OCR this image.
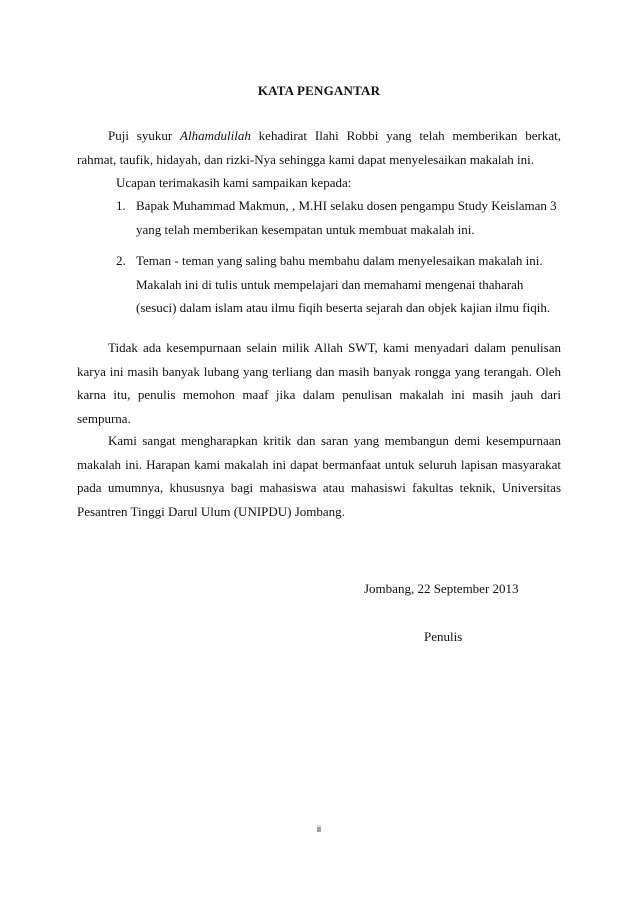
KATA PENGANTAR

Puji syukur Alhamdulilah kehadirat Ilahi Robbi yang telah memberikan berkat, rahmat, taufik, hidayah, dan rizki-Nya sehingga kami dapat menyelesaikan makalah ini.

Ucapan terimakasih kami sampaikan kepada:

1. Bapak Muhammad Makmun, , M.HI selaku dosen pengampu Study Keislaman 3
yang telah memberikan kesempatan untuk membuat makalah ini.
2. Teman - teman yang saling bahu membahu dalam menyelesaikan makalah ini.
Makalah ini di tulis untuk mempelajari dan memahami mengenai thaharah
(sesuci) dalam islam atau ilmu fiqih beserta sejarah dan objek kajian ilmu fiqih.

Tidak ada kesempurnaan selain milik Allah SWT, kami menyadari dalam penulisan karya ini masih banyak lubang yang terliang dan masih banyak rongga yang terangah. Oleh karna itu, penulis memohon maaf jika dalam penulisan makalah ini masih jauh dari sempurna.

Kami sangat mengharapkan kritik dan saran yang membangun demi kesempurnaan makalah ini. Harapan kami makalah ini dapat bermanfaat untuk seluruh lapisan masyarakat pada umumnya, khususnya bagi mahasiswa atau mahasiswi fakultas teknik, Universitas Pesantren Tinggi Darul Ulum (UNIPDU) Jombang.

Jombang, 22 September 2013
Penulis
ii
